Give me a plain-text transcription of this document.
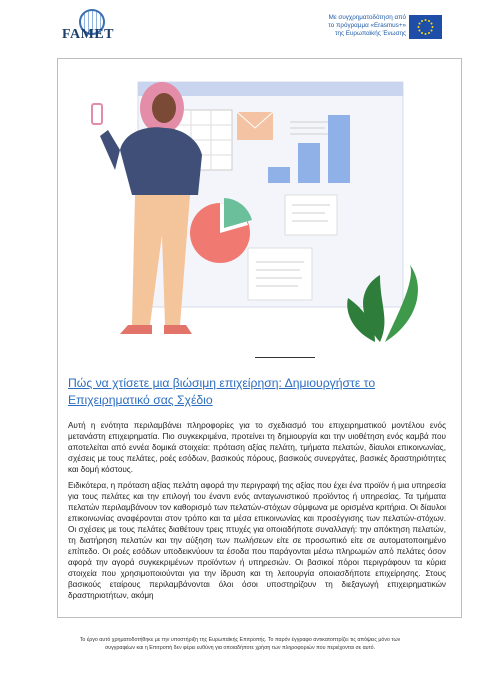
FAMET
Με συγχρηματοδότηση από
το πρόγραμμα «Erasmus+»
της Ευρωπαϊκής Ένωσης
Πώς να χτίσετε μια βιώσιμη επιχείρηση: Δημιουργήστε το Επιχειρηματικό σας Σχέδιο

Αυτή η ενότητα περιλαμβάνει πληροφορίες για το σχεδιασμό του επιχειρηματικού μοντέλου ενός μετανάστη επιχειρηματία. Πιο συγκεκριμένα, προτείνει τη δημιουργία και την υιοθέτηση ενός καμβά που αποτελείται από εννέα δομικά στοιχεία: πρόταση αξίας πελάτη, τμήματα πελατών, δίαυλοι επικοινωνίας, σχέσεις με τους πελάτες, ροές εσόδων, βασικούς πόρους, βασικούς συνεργάτες, βασικές δραστηριότητες και δομή κόστους.

Ειδικότερα, η πρόταση αξίας πελάτη αφορά την περιγραφή της αξίας που έχει ένα προϊόν ή μια υπηρεσία για τους πελάτες και την επιλογή του έναντι ενός ανταγωνιστικού προϊόντος ή υπηρεσίας. Τα τμήματα πελατών περιλαμβάνουν τον καθορισμό των πελατών-στόχων σύμφωνα με ορισμένα κριτήρια. Οι δίαυλοι επικοινωνίας αναφέρονται στον τρόπο και τα μέσα επικοινωνίας και προσέγγισης των πελατών-στόχων. Οι σχέσεις με τους πελάτες διαθέτουν τρεις πτυχές για οποιαδήποτε συναλλαγή: την απόκτηση πελατών, τη διατήρηση πελατών και την αύξηση των πωλήσεων είτε σε προσωπικό είτε σε αυτοματοποιημένο επίπεδο. Οι ροές εσόδων υποδεικνύουν τα έσοδα που παράγονται μέσω πληρωμών από πελάτες όσον αφορά την αγορά συγκεκριμένων προϊόντων ή υπηρεσιών. Οι βασικοί πόροι περιγράφουν τα κύρια στοιχεία που χρησιμοποιούνται για την ίδρυση και τη λειτουργία οποιασδήποτε επιχείρησης. Στους βασικούς εταίρους περιλαμβάνονται όλοι όσοι υποστηρίζουν τη διεξαγωγή επιχειρηματικών δραστηριοτήτων, ακόμη

Το έργο αυτό χρηματοδοτήθηκε με την υποστήριξη της Ευρωπαϊκής Επιτροπής. Το παρόν έγγραφο αντικατοπτρίζει τις απόψεις μόνο των
συγγραφέων και η Επιτροπή δεν φέρει ευθύνη για οποιαδήποτε χρήση των πληροφοριών που περιέχονται σε αυτό.
